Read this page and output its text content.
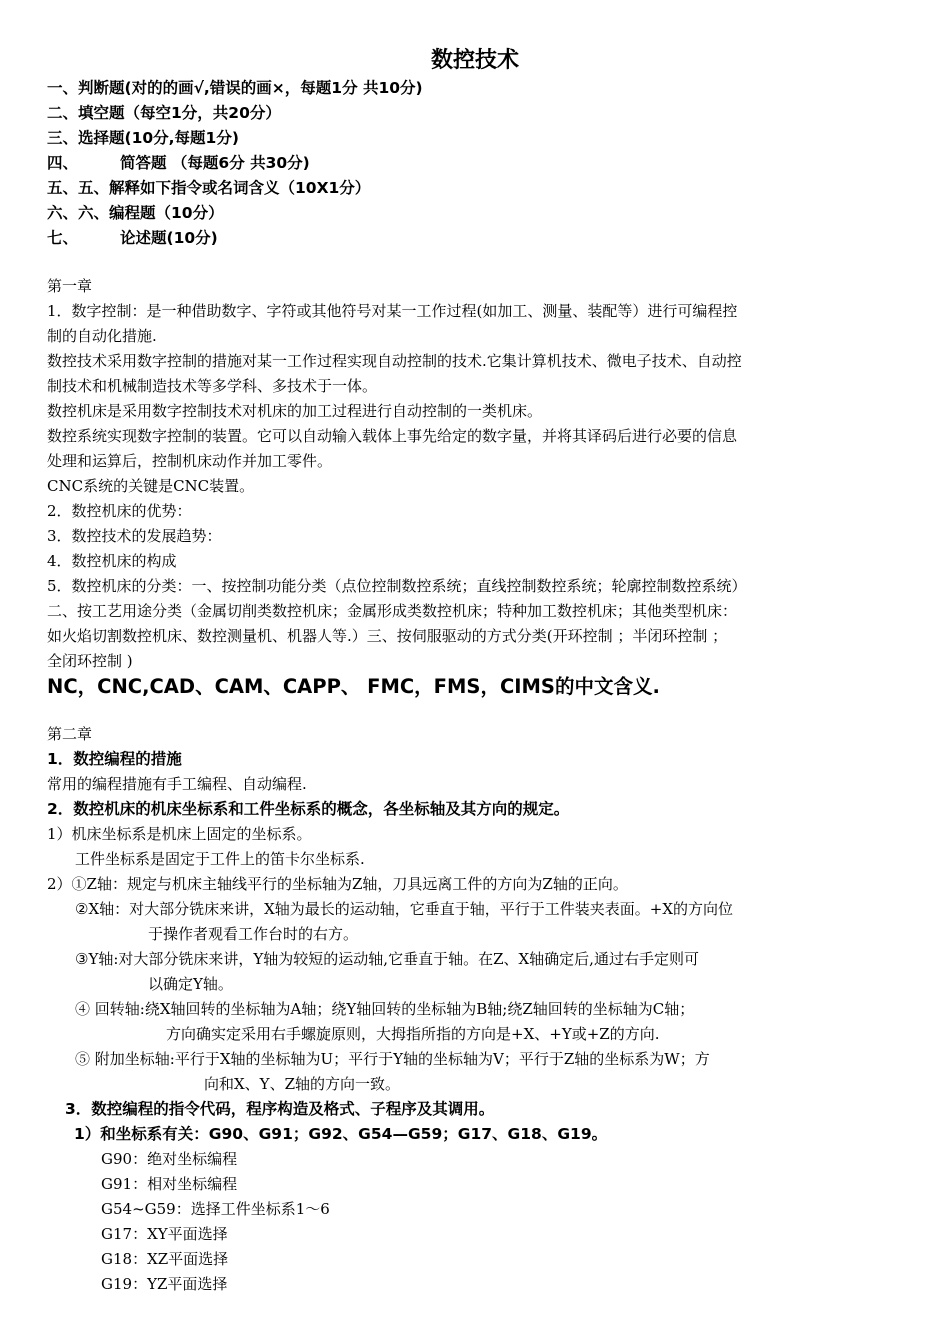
数控技术
一、判断题(对的的画√,错误的画×，每题1分 共10分)
二、填空题（每空1分，共20分）
三、选择题(10分,每题1分)
四、	简答题 （每题6分 共30分)
五、五、解释如下指令或名词含义（10X1分）
六、六、编程题（10分）
七、	论述题(10分)
第一章
1．数字控制：是一种借助数字、字符或其他符号对某一工作过程(如加工、测量、装配等）进行可编程控
制的自动化措施.
数控技术采用数字控制的措施对某一工作过程实现自动控制的技术.它集计算机技术、微电子技术、自动控
制技术和机械制造技术等多学科、多技术于一体。
数控机床是采用数字控制技术对机床的加工过程进行自动控制的一类机床。
数控系统实现数字控制的装置。它可以自动输入载体上事先给定的数字量，并将其译码后进行必要的信息
处理和运算后，控制机床动作并加工零件。
CNC系统的关键是CNC装置。
2．数控机床的优势：
3．数控技术的发展趋势：
4．数控机床的构成
5．数控机床的分类：一、按控制功能分类（点位控制数控系统；直线控制数控系统；轮廓控制数控系统）
二、按工艺用途分类（金属切削类数控机床；金属形成类数控机床；特种加工数控机床；其他类型机床：
如火焰切割数控机床、数控测量机、机器人等.）三、按伺服驱动的方式分类(开环控制 ；半闭环控制 ；
全闭环控制 )
NC，CNC,CAD、CAM、CAPP、 FMC，FMS，CIMS的中文含义.
第二章
1．数控编程的措施
常用的编程措施有手工编程、自动编程.
2．数控机床的机床坐标系和工件坐标系的概念，各坐标轴及其方向的规定。
1）机床坐标系是机床上固定的坐标系。
工件坐标系是固定于工件上的笛卡尔坐标系.
2）①Z轴：规定与机床主轴线平行的坐标轴为Z轴，刀具远离工件的方向为Z轴的正向。
②X轴：对大部分铣床来讲，X轴为最长的运动轴，它垂直于轴，平行于工件装夹表面。+X的方向位
于操作者观看工作台时的右方。
③Y轴:对大部分铣床来讲，Y轴为较短的运动轴,它垂直于轴。在Z、X轴确定后,通过右手定则可
以确定Y轴。
④ 回转轴:绕X轴回转的坐标轴为A轴；绕Y轴回转的坐标轴为B轴;绕Z轴回转的坐标轴为C轴；
方向确实定采用右手螺旋原则，大拇指所指的方向是+X、+Y或+Z的方向.
⑤ 附加坐标轴:平行于X轴的坐标轴为U；平行于Y轴的坐标轴为V；平行于Z轴的坐标系为W；方
向和X、Y、Z轴的方向一致。
3．数控编程的指令代码，程序构造及格式、子程序及其调用。
1）和坐标系有关：G90、G91；G92、G54—G59；G17、G18、G19。
G90：绝对坐标编程
G91：相对坐标编程
G54~G59：选择工件坐标系1～6
G17：XY平面选择
G18：XZ平面选择
G19：YZ平面选择
